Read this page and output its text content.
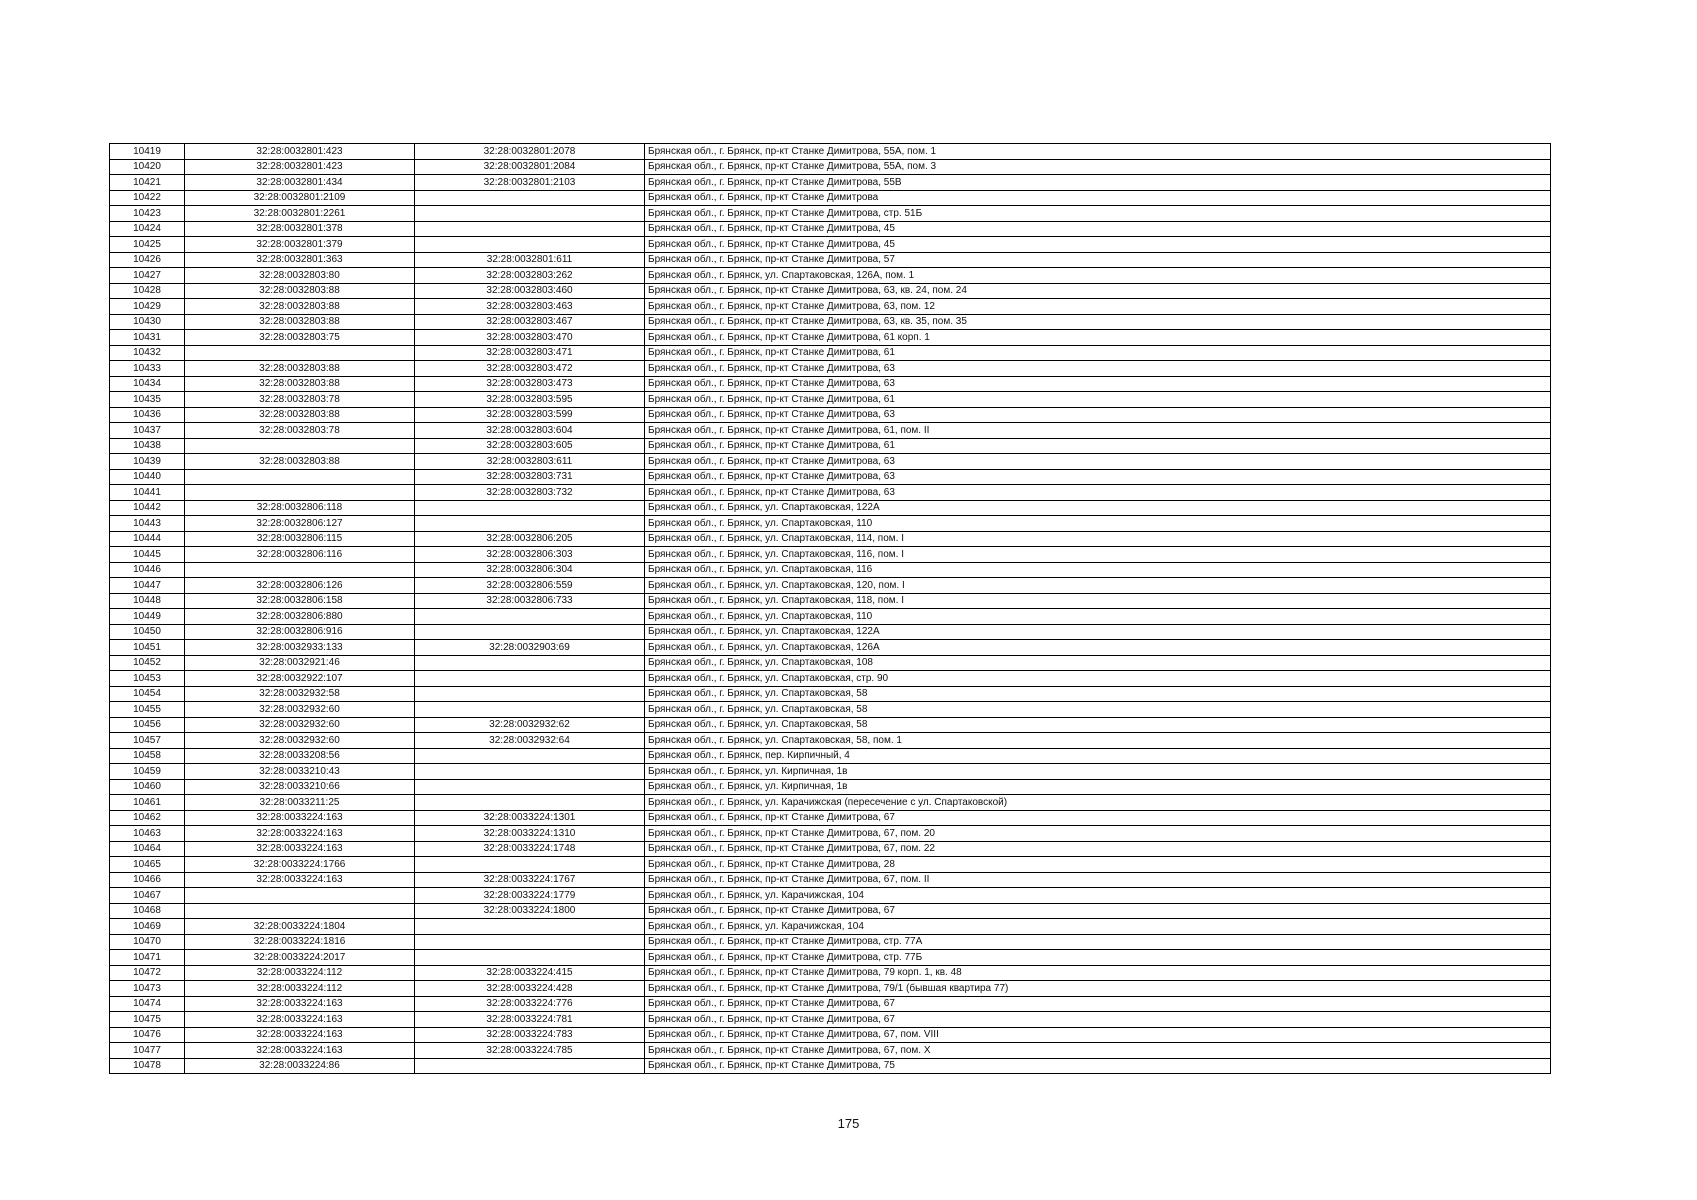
10419	32:28:0032801:423	32:28:0032801:2078	Брянская обл., г. Брянск, пр-кт Станке Димитрова, 55А, пом. 1
10420	32:28:0032801:423	32:28:0032801:2084	Брянская обл., г. Брянск, пр-кт Станке Димитрова, 55А, пом. 3
10421	32:28:0032801:434	32:28:0032801:2103	Брянская обл., г. Брянск, пр-кт Станке Димитрова, 55В
10422	32:28:0032801:2109		Брянская обл., г. Брянск, пр-кт Станке Димитрова
10423	32:28:0032801:2261		Брянская обл., г. Брянск, пр-кт Станке Димитрова, стр. 51Б
10424	32:28:0032801:378		Брянская обл., г. Брянск, пр-кт Станке Димитрова, 45
10425	32:28:0032801:379		Брянская обл., г. Брянск, пр-кт Станке Димитрова, 45
10426	32:28:0032801:363	32:28:0032801:611	Брянская обл., г. Брянск, пр-кт Станке Димитрова, 57
10427	32:28:0032803:80	32:28:0032803:262	Брянская обл., г. Брянск, ул. Спартаковская, 126А, пом. 1
10428	32:28:0032803:88	32:28:0032803:460	Брянская обл., г. Брянск, пр-кт Станке Димитрова, 63, кв. 24, пом. 24
10429	32:28:0032803:88	32:28:0032803:463	Брянская обл., г. Брянск, пр-кт Станке Димитрова, 63, пом. 12
10430	32:28:0032803:88	32:28:0032803:467	Брянская обл., г. Брянск, пр-кт Станке Димитрова, 63, кв. 35, пом. 35
10431	32:28:0032803:75	32:28:0032803:470	Брянская обл., г. Брянск, пр-кт Станке Димитрова, 61 корп. 1
10432		32:28:0032803:471	Брянская обл., г. Брянск, пр-кт Станке Димитрова, 61
10433	32:28:0032803:88	32:28:0032803:472	Брянская обл., г. Брянск, пр-кт Станке Димитрова, 63
10434	32:28:0032803:88	32:28:0032803:473	Брянская обл., г. Брянск, пр-кт Станке Димитрова, 63
10435	32:28:0032803:78	32:28:0032803:595	Брянская обл., г. Брянск, пр-кт Станке Димитрова, 61
10436	32:28:0032803:88	32:28:0032803:599	Брянская обл., г. Брянск, пр-кт Станке Димитрова, 63
10437	32:28:0032803:78	32:28:0032803:604	Брянская обл., г. Брянск, пр-кт Станке Димитрова, 61, пом. II
10438		32:28:0032803:605	Брянская обл., г. Брянск, пр-кт Станке Димитрова, 61
10439	32:28:0032803:88	32:28:0032803:611	Брянская обл., г. Брянск, пр-кт Станке Димитрова, 63
10440		32:28:0032803:731	Брянская обл., г. Брянск, пр-кт Станке Димитрова, 63
10441		32:28:0032803:732	Брянская обл., г. Брянск, пр-кт Станке Димитрова, 63
10442	32:28:0032806:118		Брянская обл., г. Брянск, ул. Спартаковская, 122А
10443	32:28:0032806:127		Брянская обл., г. Брянск, ул. Спартаковская, 110
10444	32:28:0032806:115	32:28:0032806:205	Брянская обл., г. Брянск, ул. Спартаковская, 114, пом. I
10445	32:28:0032806:116	32:28:0032806:303	Брянская обл., г. Брянск, ул. Спартаковская, 116, пом. I
10446		32:28:0032806:304	Брянская обл., г. Брянск, ул. Спартаковская, 116
10447	32:28:0032806:126	32:28:0032806:559	Брянская обл., г. Брянск, ул. Спартаковская, 120, пом. I
10448	32:28:0032806:158	32:28:0032806:733	Брянская обл., г. Брянск, ул. Спартаковская, 118, пом. I
10449	32:28:0032806:880		Брянская обл., г. Брянск, ул. Спартаковская, 110
10450	32:28:0032806:916		Брянская обл., г. Брянск, ул. Спартаковская, 122А
10451	32:28:0032933:133	32:28:0032903:69	Брянская обл., г. Брянск, ул. Спартаковская, 126А
10452	32:28:0032921:46		Брянская обл., г. Брянск, ул. Спартаковская, 108
10453	32:28:0032922:107		Брянская обл., г. Брянск, ул. Спартаковская, стр. 90
10454	32:28:0032932:58		Брянская обл., г. Брянск, ул. Спартаковская, 58
10455	32:28:0032932:60		Брянская обл., г. Брянск, ул. Спартаковская, 58
10456	32:28:0032932:60	32:28:0032932:62	Брянская обл., г. Брянск, ул. Спартаковская, 58
10457	32:28:0032932:60	32:28:0032932:64	Брянская обл., г. Брянск, ул. Спартаковская, 58, пом. 1
10458	32:28:0033208:56		Брянская обл., г. Брянск, пер. Кирпичный, 4
10459	32:28:0033210:43		Брянская обл., г. Брянск, ул. Кирпичная, 1в
10460	32:28:0033210:66		Брянская обл., г. Брянск, ул. Кирпичная, 1в
10461	32:28:0033211:25		Брянская обл., г. Брянск, ул. Карачижская (пересечение с ул. Спартаковской)
10462	32:28:0033224:163	32:28:0033224:1301	Брянская обл., г. Брянск, пр-кт Станке Димитрова, 67
10463	32:28:0033224:163	32:28:0033224:1310	Брянская обл., г. Брянск, пр-кт Станке Димитрова, 67, пом. 20
10464	32:28:0033224:163	32:28:0033224:1748	Брянская обл., г. Брянск, пр-кт Станке Димитрова, 67, пом. 22
10465	32:28:0033224:1766		Брянская обл., г. Брянск, пр-кт Станке Димитрова, 28
10466	32:28:0033224:163	32:28:0033224:1767	Брянская обл., г. Брянск, пр-кт Станке Димитрова, 67, пом. II
10467		32:28:0033224:1779	Брянская обл., г. Брянск, ул. Карачижская, 104
10468		32:28:0033224:1800	Брянская обл., г. Брянск, пр-кт Станке Димитрова, 67
10469	32:28:0033224:1804		Брянская обл., г. Брянск, ул. Карачижская, 104
10470	32:28:0033224:1816		Брянская обл., г. Брянск, пр-кт Станке Димитрова, стр. 77А
10471	32:28:0033224:2017		Брянская обл., г. Брянск, пр-кт Станке Димитрова, стр. 77Б
10472	32:28:0033224:112	32:28:0033224:415	Брянская обл., г. Брянск, пр-кт Станке Димитрова, 79 корп. 1, кв. 48
10473	32:28:0033224:112	32:28:0033224:428	Брянская обл., г. Брянск, пр-кт Станке Димитрова, 79/1 (бывшая квартира 77)
10474	32:28:0033224:163	32:28:0033224:776	Брянская обл., г. Брянск, пр-кт Станке Димитрова, 67
10475	32:28:0033224:163	32:28:0033224:781	Брянская обл., г. Брянск, пр-кт Станке Димитрова, 67
10476	32:28:0033224:163	32:28:0033224:783	Брянская обл., г. Брянск, пр-кт Станке Димитрова, 67, пом. VIII
10477	32:28:0033224:163	32:28:0033224:785	Брянская обл., г. Брянск, пр-кт Станке Димитрова, 67, пом. X
10478	32:28:0033224:86		Брянская обл., г. Брянск, пр-кт Станке Димитрова, 75
175
